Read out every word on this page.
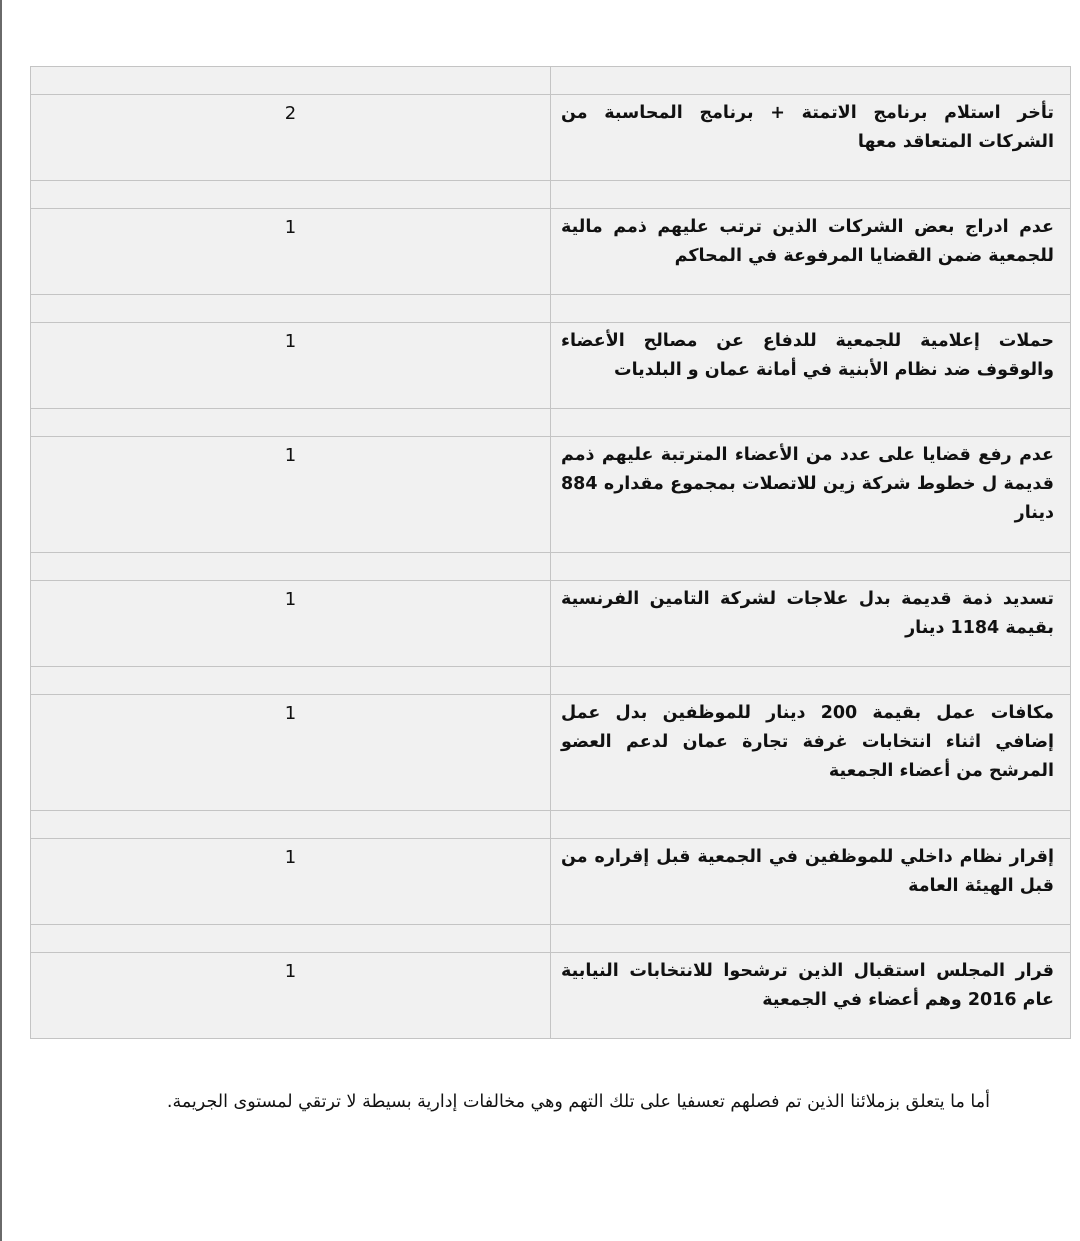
تأخر استلام برنامج الاتمتة + برنامج المحاسبة من الشركات المتعاقد معها	2

عدم ادراج بعض الشركات الذين ترتب عليهم ذمم مالية للجمعية ضمن القضايا المرفوعة في المحاكم	1

حملات إعلامية للجمعية للدفاع عن مصالح الأعضاء والوقوف ضد نظام الأبنية في أمانة عمان و البلديات	1

عدم رفع قضايا على عدد من الأعضاء المترتبة عليهم ذمم قديمة ل خطوط شركة زين للاتصلات بمجموع مقداره 884 دينار	1

تسديد ذمة قديمة بدل علاجات لشركة التامين الفرنسية بقيمة 1184 دينار	1

مكافات عمل بقيمة 200 دينار للموظفين بدل عمل إضافي اثناء انتخابات غرفة تجارة عمان لدعم العضو المرشح من أعضاء الجمعية	1

إقرار نظام داخلي للموظفين في الجمعية قبل إقراره من قبل الهيئة العامة	1

قرار المجلس استقبال الذين ترشحوا للانتخابات النيابية عام 2016 وهم أعضاء في الجمعية	1
أما ما يتعلق بزملائنا الذين تم فصلهم تعسفيا على تلك التهم وهي مخالفات إدارية بسيطة لا ترتقي لمستوى الجريمة.
